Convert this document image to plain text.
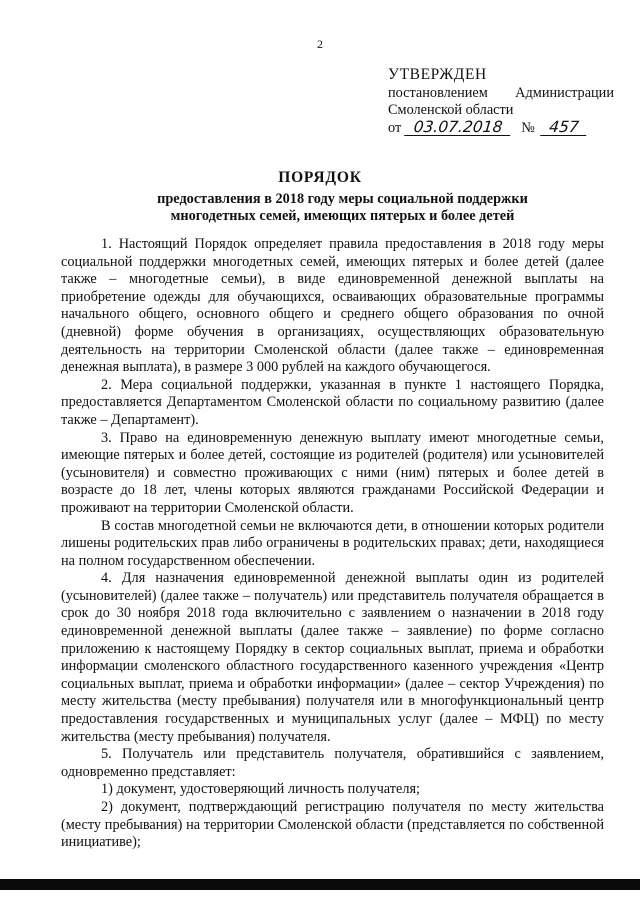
2
УТВЕРЖДЕН
постановлением Администрации
Смоленской области
от 03.07.2018	№ 457
ПОРЯДОК
предоставления в 2018 году меры социальной поддержки многодетных семей, имеющих пятерых и более детей

1. Настоящий Порядок определяет правила предоставления в 2018 году меры социальной поддержки многодетных семей, имеющих пятерых и более детей (далее также – многодетные семьи), в виде единовременной денежной выплаты на приобретение одежды для обучающихся, осваивающих образовательные программы начального общего, основного общего и среднего общего образования по очной (дневной) форме обучения в организациях, осуществляющих образовательную деятельность на территории Смоленской области (далее также – единовременная денежная выплата), в размере 3 000 рублей на каждого обучающегося.

2. Мера социальной поддержки, указанная в пункте 1 настоящего Порядка, предоставляется Департаментом Смоленской области по социальному развитию (далее также – Департамент).

3. Право на единовременную денежную выплату имеют многодетные семьи, имеющие пятерых и более детей, состоящие из родителей (родителя) или усыновителей (усыновителя) и совместно проживающих с ними (ним) пятерых и более детей в возрасте до 18 лет, члены которых являются гражданами Российской Федерации и проживают на территории Смоленской области.

В состав многодетной семьи не включаются дети, в отношении которых родители лишены родительских прав либо ограничены в родительских правах; дети, находящиеся на полном государственном обеспечении.

4. Для назначения единовременной денежной выплаты один из родителей (усыновителей) (далее также – получатель) или представитель получателя обращается в срок до 30 ноября 2018 года включительно с заявлением о назначении в 2018 году единовременной денежной выплаты (далее также – заявление) по форме согласно приложению к настоящему Порядку в сектор социальных выплат, приема и обработки информации смоленского областного государственного казенного учреждения «Центр социальных выплат, приема и обработки информации» (далее – сектор Учреждения) по месту жительства (месту пребывания) получателя или в многофункциональный центр предоставления государственных и муниципальных услуг (далее – МФЦ) по месту жительства (месту пребывания) получателя.

5. Получатель или представитель получателя, обратившийся с заявлением, одновременно представляет:

1) документ, удостоверяющий личность получателя;

2) документ, подтверждающий регистрацию получателя по месту жительства (месту пребывания) на территории Смоленской области (представляется по собственной инициативе);
